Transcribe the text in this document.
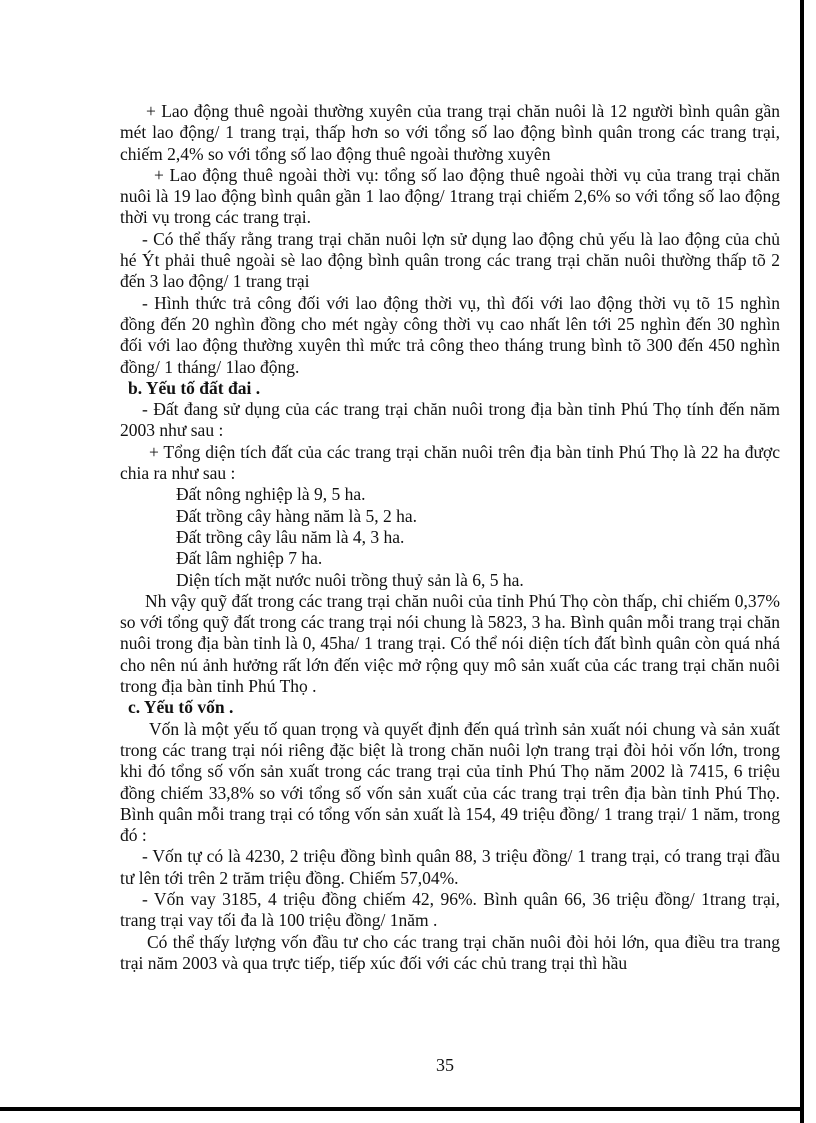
+ Lao động thuê ngoài thường xuyên của trang trại chăn nuôi là 12 người bình quân gần mét lao động/ 1 trang trại, thấp hơn so với tổng số lao động bình quân trong các trang trại, chiếm 2,4% so với tổng số lao động thuê ngoài thường xuyên

+ Lao động thuê ngoài thời vụ: tổng số lao động thuê ngoài thời vụ của trang trại chăn nuôi là 19 lao động bình quân gần 1 lao động/ 1trang trại chiếm 2,6% so với tổng số lao động thời vụ trong các trang trại.

- Có thể thấy rằng trang trại chăn nuôi lợn sử dụng lao động chủ yếu là lao động của chủ hé Ýt phải thuê ngoài sè lao động bình quân trong các trang trại chăn nuôi thường thấp tõ 2 đến 3 lao động/ 1 trang trại

- Hình thức trả công đối với lao động thời vụ, thì đối với lao động thời vụ tõ 15 nghìn đồng đến 20 nghìn đồng cho mét ngày công thời vụ cao nhất lên tới 25 nghìn đến 30 nghìn đối với lao động thường xuyên thì mức trả công theo tháng trung bình tõ 300 đến 450 nghìn đồng/ 1 tháng/ 1lao động.

b. Yếu tố đất đai .

- Đất đang sử dụng của các trang trại chăn nuôi trong địa bàn tỉnh Phú Thọ tính đến năm 2003 như sau :

+ Tổng diện tích đất của các trang trại chăn nuôi trên địa bàn tỉnh Phú Thọ là 22 ha được chia ra như sau :

Đất nông nghiệp là 9, 5 ha.

Đất trồng cây hàng năm là 5, 2 ha.

Đất trồng cây lâu năm là 4, 3 ha.

Đất lâm nghiệp 7 ha.

Diện tích mặt nước nuôi trồng thuỷ sản là 6, 5 ha.

Nh vậy quỹ đất trong các trang trại chăn nuôi của tỉnh Phú Thọ còn thấp, chỉ chiếm 0,37% so với tổng quỹ đất trong các trang trại nói chung là 5823, 3 ha. Bình quân mỗi trang trại chăn nuôi trong địa bàn tỉnh là 0, 45ha/ 1 trang trại. Có thể nói diện tích đất bình quân còn quá nhá cho nên nú ảnh hưởng rất lớn đến việc mở rộng quy mô sản xuất của các trang trại chăn nuôi trong địa bàn tỉnh Phú Thọ .

c. Yếu tố vốn .

Vốn là một yếu tố quan trọng và quyết định đến quá trình sản xuất nói chung và sản xuất trong các trang trại nói riêng đặc biệt là trong chăn nuôi lợn trang trại đòi hỏi vốn lớn, trong khi đó tổng số vốn sản xuất trong các trang trại của tỉnh Phú Thọ năm 2002 là 7415, 6 triệu đồng chiếm 33,8% so với tổng số vốn sản xuất của các trang trại trên địa bàn tỉnh Phú Thọ. Bình quân mỗi trang trại có tổng vốn sản xuất là 154, 49 triệu đồng/ 1 trang trại/ 1 năm, trong đó :

- Vốn tự có là 4230, 2 triệu đồng bình quân 88, 3 triệu đồng/ 1 trang trại, có trang trại đầu tư lên tới trên 2 trăm triệu đồng. Chiếm 57,04%.

- Vốn vay 3185, 4 triệu đồng chiếm 42, 96%. Bình quân 66, 36 triệu đồng/ 1trang trại, trang trại vay tối đa là 100 triệu đồng/ 1năm .

Có thể thấy lượng vốn đầu tư cho các trang trại chăn nuôi đòi hỏi lớn, qua điều tra trang trại năm 2003 và qua trực tiếp, tiếp xúc đối với các chủ trang trại thì hầu

35
